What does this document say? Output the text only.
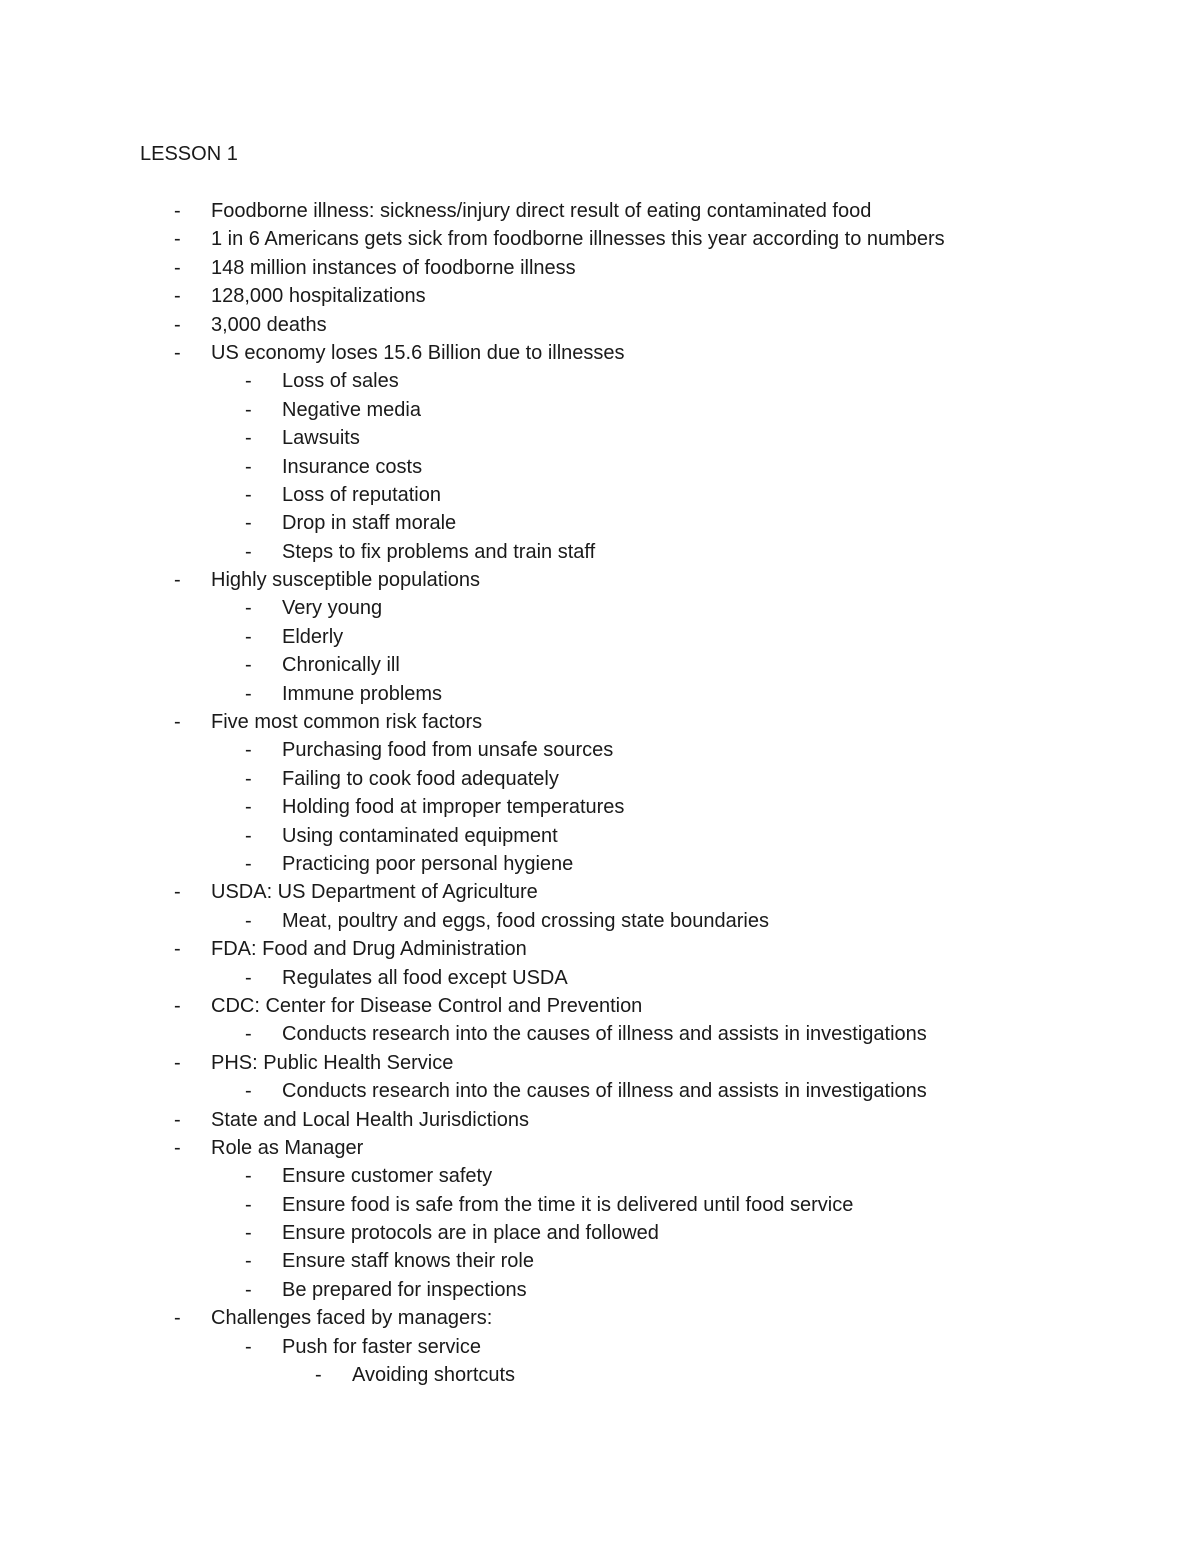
LESSON 1
- Foodborne illness: sickness/injury direct result of eating contaminated food
- 1 in 6 Americans gets sick from foodborne illnesses this year according to numbers
- 148 million instances of foodborne illness
- 128,000 hospitalizations
- 3,000 deaths
- US economy loses 15.6 Billion due to illnesses
- Loss of sales
- Negative media
- Lawsuits
- Insurance costs
- Loss of reputation
- Drop in staff morale
- Steps to fix problems and train staff
- Highly susceptible populations
- Very young
- Elderly
- Chronically ill
- Immune problems
- Five most common risk factors
- Purchasing food from unsafe sources
- Failing to cook food adequately
- Holding food at improper temperatures
- Using contaminated equipment
- Practicing poor personal hygiene
- USDA: US Department of Agriculture
- Meat, poultry and eggs, food crossing state boundaries
- FDA: Food and Drug Administration
- Regulates all food except USDA
- CDC: Center for Disease Control and Prevention
- Conducts research into the causes of illness and assists in investigations
- PHS: Public Health Service
- Conducts research into the causes of illness and assists in investigations
- State and Local Health Jurisdictions
- Role as Manager
- Ensure customer safety
- Ensure food is safe from the time it is delivered until food service
- Ensure protocols are in place and followed
- Ensure staff knows their role
- Be prepared for inspections
- Challenges faced by managers:
- Push for faster service
- Avoiding shortcuts
